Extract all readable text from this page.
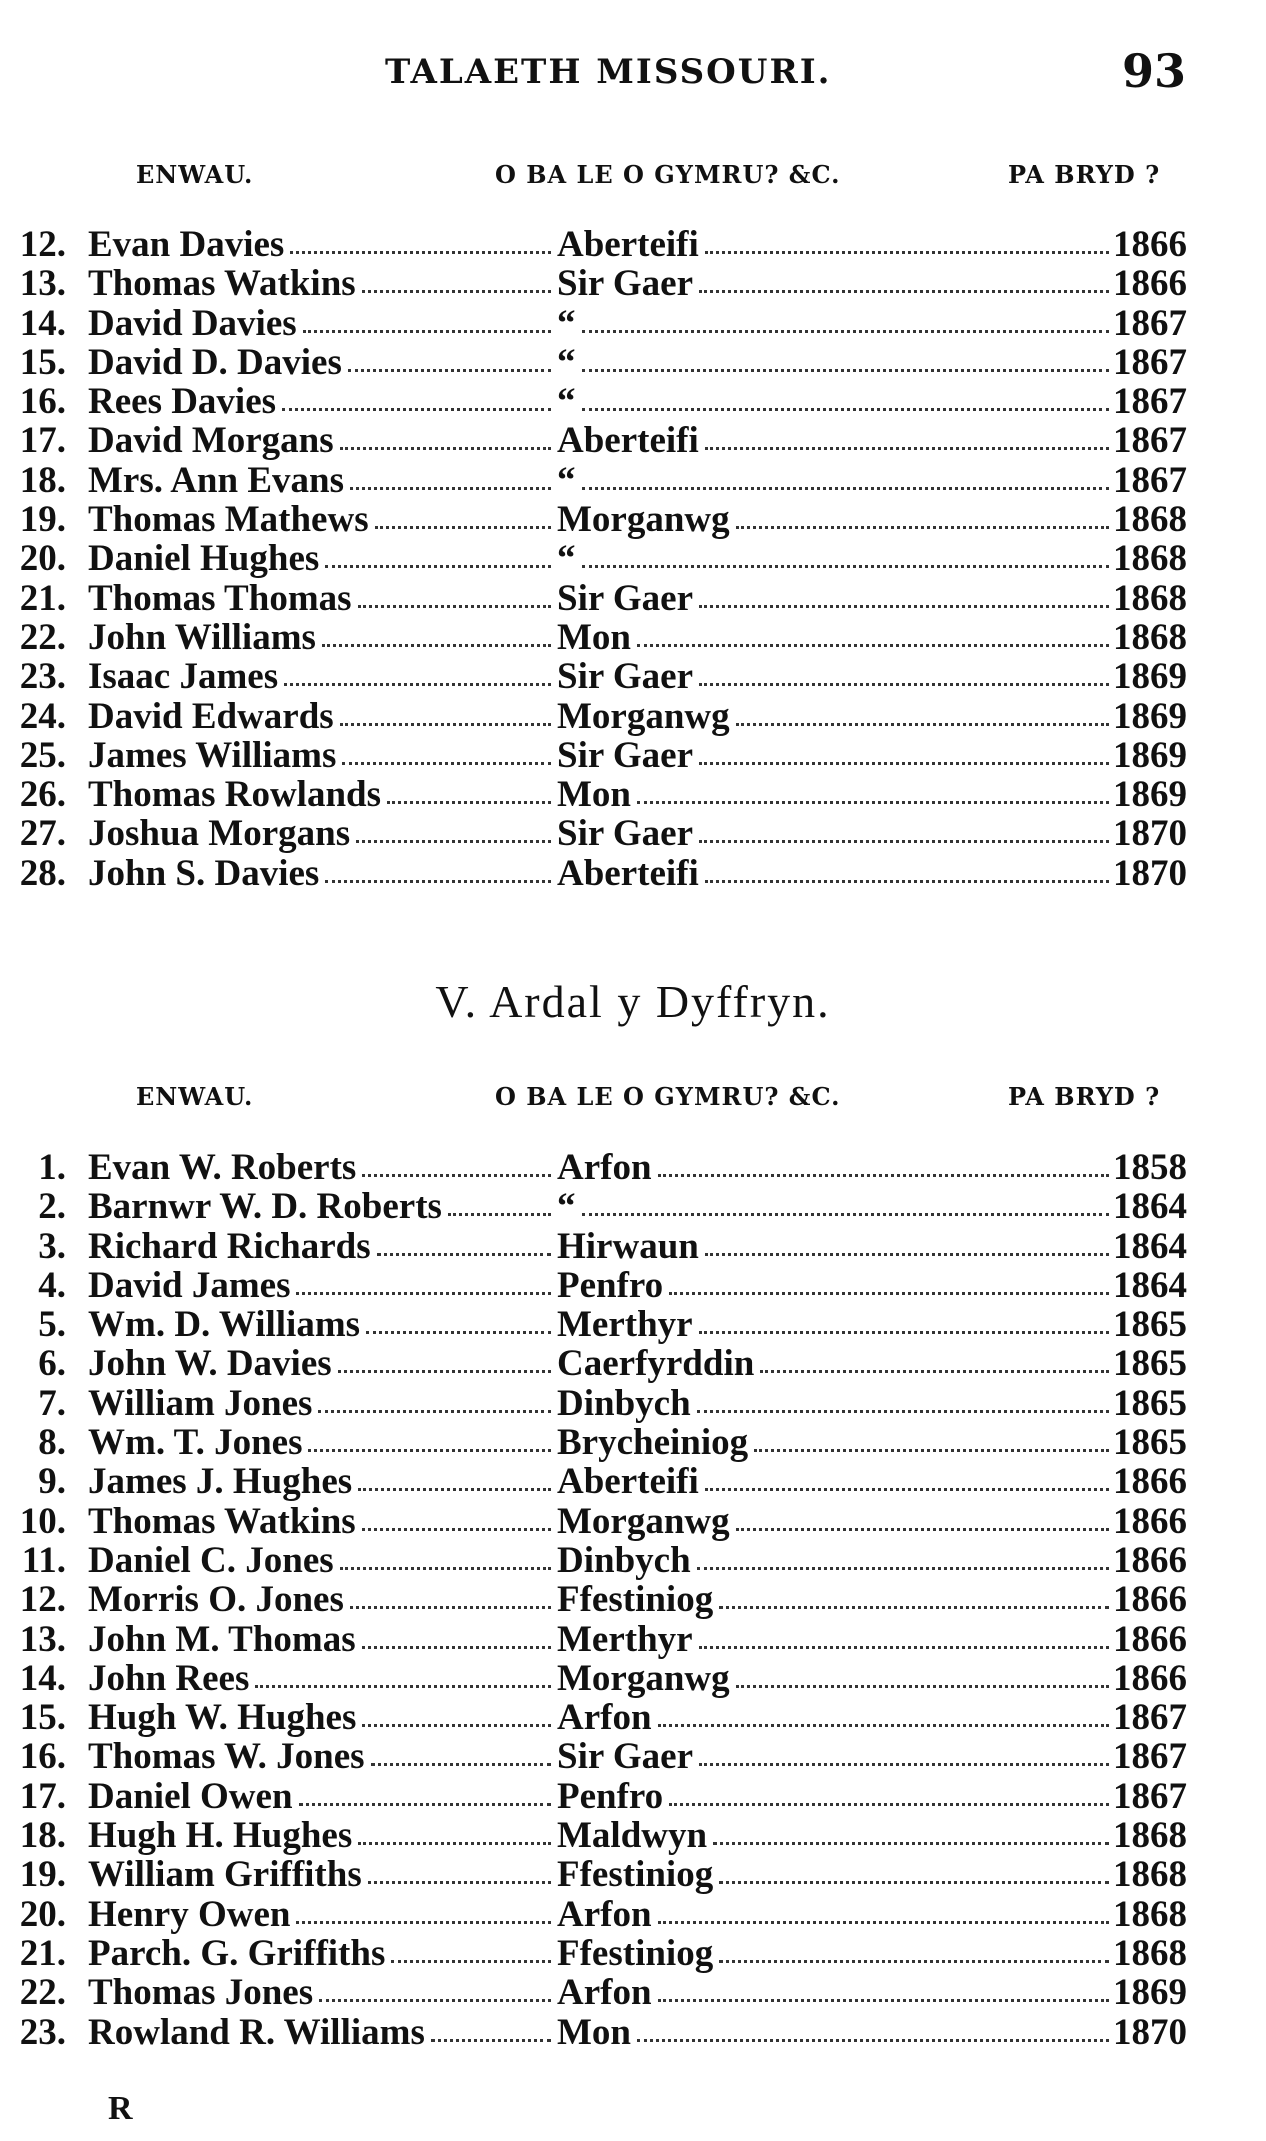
TALAETH MISSOURI.	93
ENWAU.	O BA LE O GYMRU? &C.	PA BRYD ?
12. Evan Davies	Aberteifi	1866
13. Thomas Watkins	Sir Gaer	1866
14. David Davies	“	1867
15. David D. Davies	“	1867
16. Rees Davies	“	1867
17. David Morgans	Aberteifi	1867
18. Mrs. Ann Evans	“	1867
19. Thomas Mathews	Morganwg	1868
20. Daniel Hughes	“	1868
21. Thomas Thomas	Sir Gaer	1868
22. John Williams	Mon	1868
23. Isaac James	Sir Gaer	1869
24. David Edwards	Morganwg	1869
25. James Williams	Sir Gaer	1869
26. Thomas Rowlands	Mon	1869
27. Joshua Morgans	Sir Gaer	1870
28. John S. Davies	Aberteifi	1870
V. Ardal y Dyffryn.
ENWAU.	O BA LE O GYMRU? &C.	PA BRYD ?
1. Evan W. Roberts	Arfon	1858
2. Barnwr W. D. Roberts	“	1864
3. Richard Richards	Hirwaun	1864
4. David James	Penfro	1864
5. Wm. D. Williams	Merthyr	1865
6. John W. Davies	Caerfyrddin	1865
7. William Jones	Dinbych	1865
8. Wm. T. Jones	Brycheiniog	1865
9. James J. Hughes	Aberteifi	1866
10. Thomas Watkins	Morganwg	1866
11. Daniel C. Jones	Dinbych	1866
12. Morris O. Jones	Ffestiniog	1866
13. John M. Thomas	Merthyr	1866
14. John Rees	Morganwg	1866
15. Hugh W. Hughes	Arfon	1867
16. Thomas W. Jones	Sir Gaer	1867
17. Daniel Owen	Penfro	1867
18. Hugh H. Hughes	Maldwyn	1868
19. William Griffiths	Ffestiniog	1868
20. Henry Owen	Arfon	1868
21. Parch. G. Griffiths	Ffestiniog	1868
22. Thomas Jones	Arfon	1869
23. Rowland R. Williams	Mon	1870
R
